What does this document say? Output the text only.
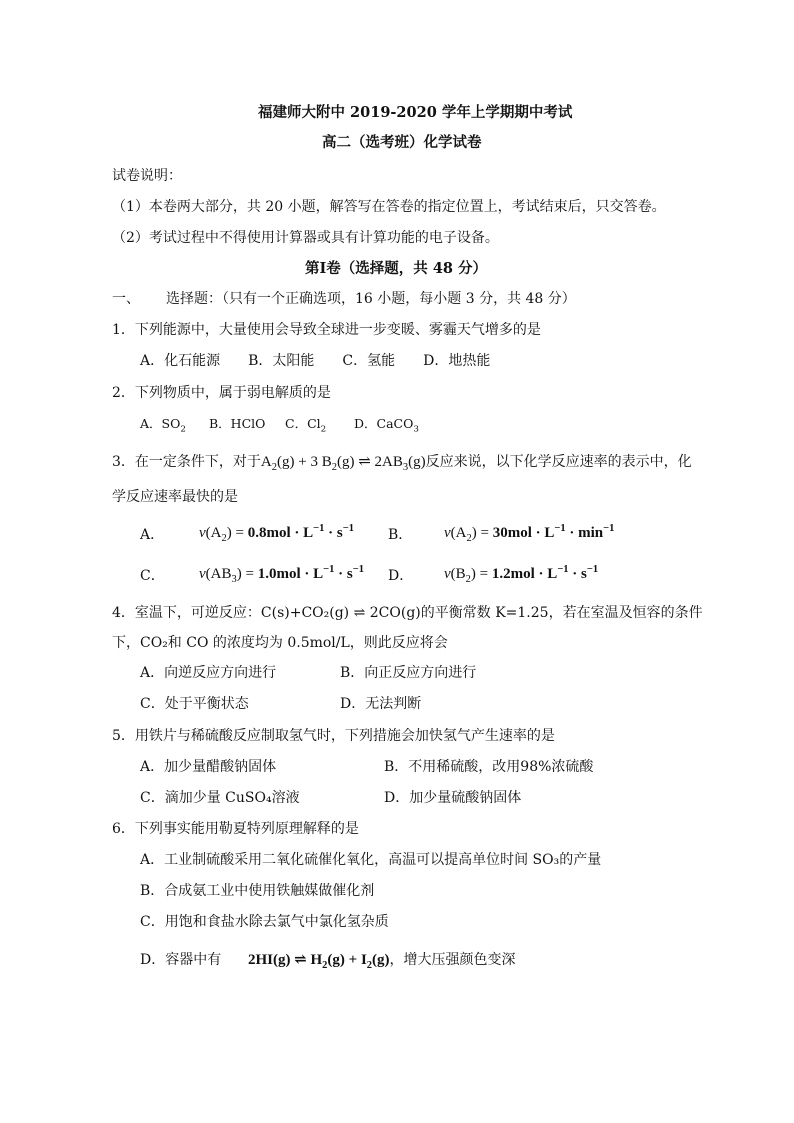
福建师大附中 2019-2020 学年上学期期中考试
高二（选考班）化学试卷
试卷说明：
（1）本卷两大部分，共 20 小题，解答写在答卷的指定位置上，考试结束后，只交答卷。
（2）考试过程中不得使用计算器或具有计算功能的电子设备。
第Ⅰ卷（选择题，共 48 分）
一、 选择题：（只有一个正确选项，16 小题，每小题 3 分，共 48 分）
1．下列能源中，大量使用会导致全球进一步变暖、雾霾天气增多的是
A．化石能源　　B．太阳能　　C．氢能　　D．地热能
2．下列物质中，属于弱电解质的是
A．$SO_2$ B．HClO C．$Cl_2$ D．CaCO$_3$
3．在一定条件下，对于$A_2(g) + 3$ $B_2(g)$ ⇌ $2AB_3(g)$反应来说，以下化学反应速率的表示中，化
学反应速率最快的是
A． $v(A_2) = 0.8mol \cdot L^{-1} \cdot s^{-1}$ B． $v(A_2) = 30mol \cdot L^{-1} \cdot \min^{-1}$
C． $v(AB_3) = 1.0mol \cdot L^{-1} \cdot s^{-1}$ D． $v(B_2) = 1.2mol \cdot L^{-1} \cdot s^{-1}$
4．室温下，可逆反应：C(s)+CO₂(g) ⇌ 2CO(g)的平衡常数 K=1.25，若在室温及恒容的条件
下，CO₂和 CO 的浓度均为 0.5mol/L，则此反应将会
A．向逆反应方向进行	B．向正反应方向进行
C．处于平衡状态	D．无法判断
5．用铁片与稀硫酸反应制取氢气时，下列措施会加快氢气产生速率的是
A．加少量醋酸钠固体	B．不用稀硫酸，改用98%浓硫酸
C．滴加少量 CuSO₄溶液	D．加少量硫酸钠固体
6．下列事实能用勒夏特列原理解释的是
A．工业制硫酸采用二氧化硫催化氧化，高温可以提高单位时间 SO₃的产量
B．合成氨工业中使用铁触媒做催化剂
C．用饱和食盐水除去氯气中氯化氢杂质
D．容器中有 2HI(g) ⇌ $H_2(g) + I_2(g)$，增大压强颜色变深
